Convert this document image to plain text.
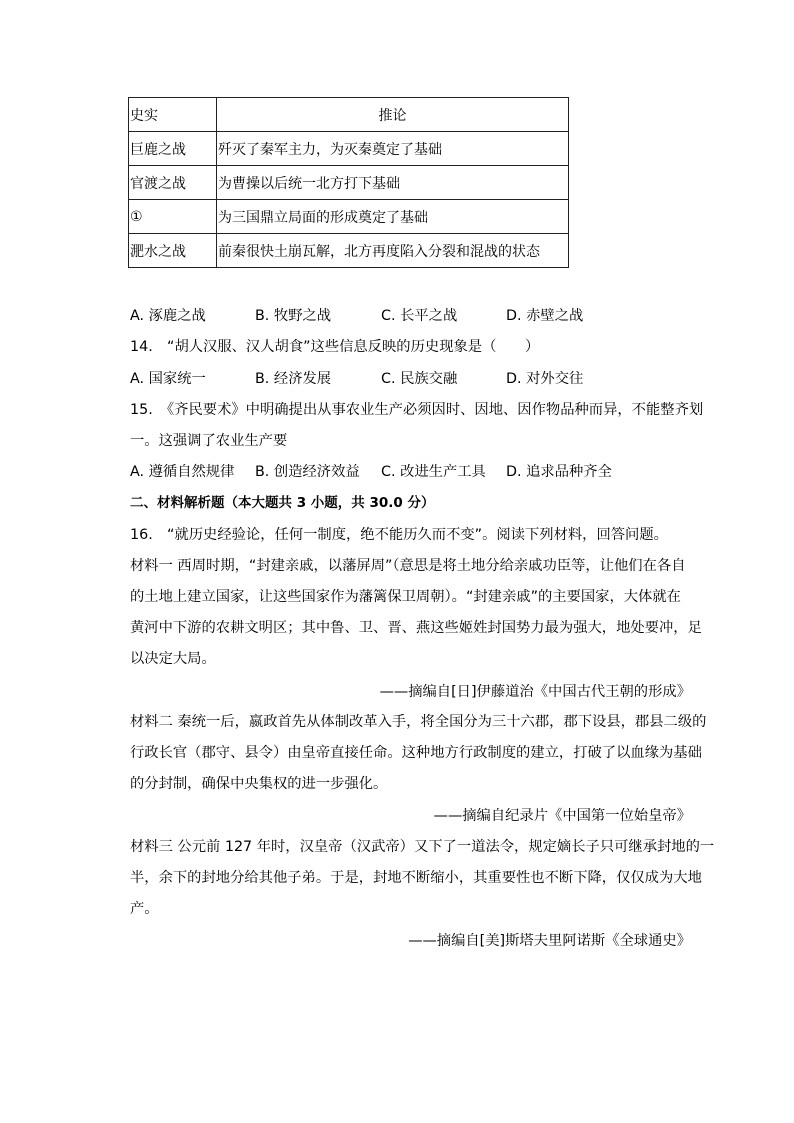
史实	推论
巨鹿之战	歼灭了秦军主力，为灭秦奠定了基础
官渡之战	为曹操以后统一北方打下基础
①	为三国鼎立局面的形成奠定了基础
淝水之战	前秦很快土崩瓦解，北方再度陷入分裂和混战的状态
A. 涿鹿之战	B. 牧野之战	C. 长平之战	D. 赤壁之战
14.　“胡人汉服、汉人胡食”这些信息反映的历史现象是（　　）
A. 国家统一	B. 经济发展	C. 民族交融	D. 对外交往
15.　《齐民要术》中明确提出从事农业生产必须因时、因地、因作物品种而异，不能整齐划
一。这强调了农业生产要
A. 遵循自然规律	B. 创造经济效益	C. 改进生产工具	D. 追求品种齐全
二、材料解析题（本大题共 3 小题，共 30.0 分）
16.　“就历史经验论，任何一制度，绝不能历久而不变”。阅读下列材料，回答问题。
材料一 西周时期，“封建亲戚，以藩屏周”（意思是将土地分给亲戚功臣等，让他们在各自
的土地上建立国家，让这些国家作为藩篱保卫周朝）。“封建亲戚”的主要国家，大体就在
黄河中下游的农耕文明区；其中鲁、卫、晋、燕这些姬姓封国势力最为强大，地处要冲，足
以决定大局。
——摘编自[日]伊藤道治《中国古代王朝的形成》
材料二 秦统一后，嬴政首先从体制改革入手，将全国分为三十六郡，郡下设县，郡县二级的
行政长官（郡守、县令）由皇帝直接任命。这种地方行政制度的建立，打破了以血缘为基础
的分封制，确保中央集权的进一步强化。
——摘编自纪录片《中国第一位始皇帝》
材料三 公元前 127 年时，汉皇帝（汉武帝）又下了一道法令，规定嫡长子只可继承封地的一
半，余下的封地分给其他子弟。于是，封地不断缩小，其重要性也不断下降，仅仅成为大地
产。
——摘编自[美]斯塔夫里阿诺斯《全球通史》
